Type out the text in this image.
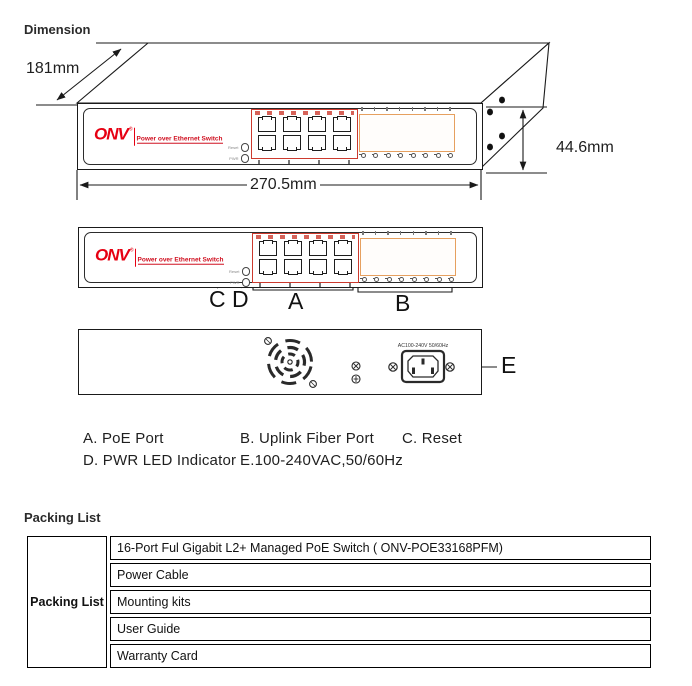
Dimension
Packing List
181mm
44.6mm
270.5mm
ONV ®
Power over Ethernet Switch
Reset
PWR
ONV ®
Power over Ethernet Switch
Reset
PWR
C D A	B
E
AC100-240V 50/60Hz
A. PoE Port	B. Uplink Fiber Port C. Reset
D. PWR LED Indicator E.100-240VAC,50/60Hz
Packing List	16-Port Ful Gigabit L2+ Managed PoE Switch ( ONV-POE33168PFM)
Power Cable
Mounting kits
User Guide
Warranty Card
